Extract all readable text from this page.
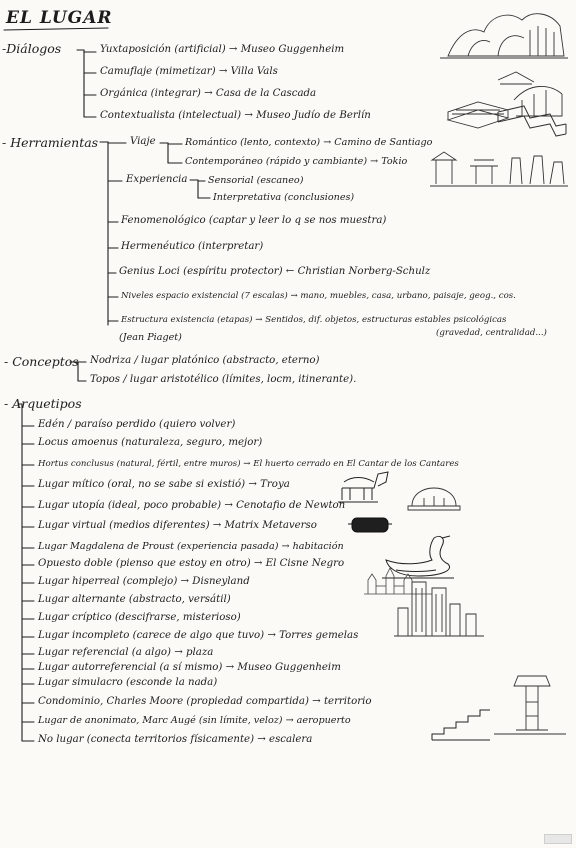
EL LUGAR
-Diálogos	Yuxtaposición (artificial) → Museo Guggenheim
Camuflaje (mimetizar) → Villa Vals
Orgánica (integrar) → Casa de la Cascada
Contextualista (intelectual) → Museo Judío de Berlín
- Herramientas	Viaje	Romántico (lento, contexto) → Camino de Santiago
Contemporáneo (rápido y cambiante) → Tokio
Experiencia Sensorial (escaneo)
Interpretativa (conclusiones)
Fenomenológico (captar y leer lo q se nos muestra)
Hermenéutico (interpretar)
Genius Loci (espíritu protector) ← Christian Norberg-Schulz
Niveles espacio existencial (7 escalas) → mano, muebles, casa, urbano, paisaje, geog., cos.
Estructura existencia (etapas) → Sentidos, dif. objetos, estructuras estables psicológicas
(gravedad, centralidad...)
(Jean Piaget)
- Conceptos Nodriza / lugar platónico (abstracto, eterno)
Topos / lugar aristotélico (límites, locm, itinerante).
- Arquetipos
Edén / paraíso perdido (quiero volver)
Locus amoenus (naturaleza, seguro, mejor)
Hortus conclusus (natural, fértil, entre muros) → El huerto cerrado en El Cantar de los Cantares
Lugar mítico (oral, no se sabe si existió) → Troya
Lugar utopía (ideal, poco probable) → Cenotafio de Newton
Lugar virtual (medios diferentes) → Matrix Metaverso
Lugar Magdalena de Proust (experiencia pasada) → habitación
Opuesto doble (pienso que estoy en otro) → El Cisne Negro
Lugar hiperreal (complejo) → Disneyland
Lugar alternante (abstracto, versátil)
Lugar críptico (descifrarse, misterioso)
Lugar incompleto (carece de algo que tuvo) → Torres gemelas
Lugar referencial (a algo) → plaza
Lugar autorreferencial (a sí mismo) → Museo Guggenheim
Lugar simulacro (esconde la nada)
Condominio, Charles Moore (propiedad compartida) → territorio
Lugar de anonimato, Marc Augé (sin límite, veloz) → aeropuerto
No lugar (conecta territorios físicamente) → escalera
